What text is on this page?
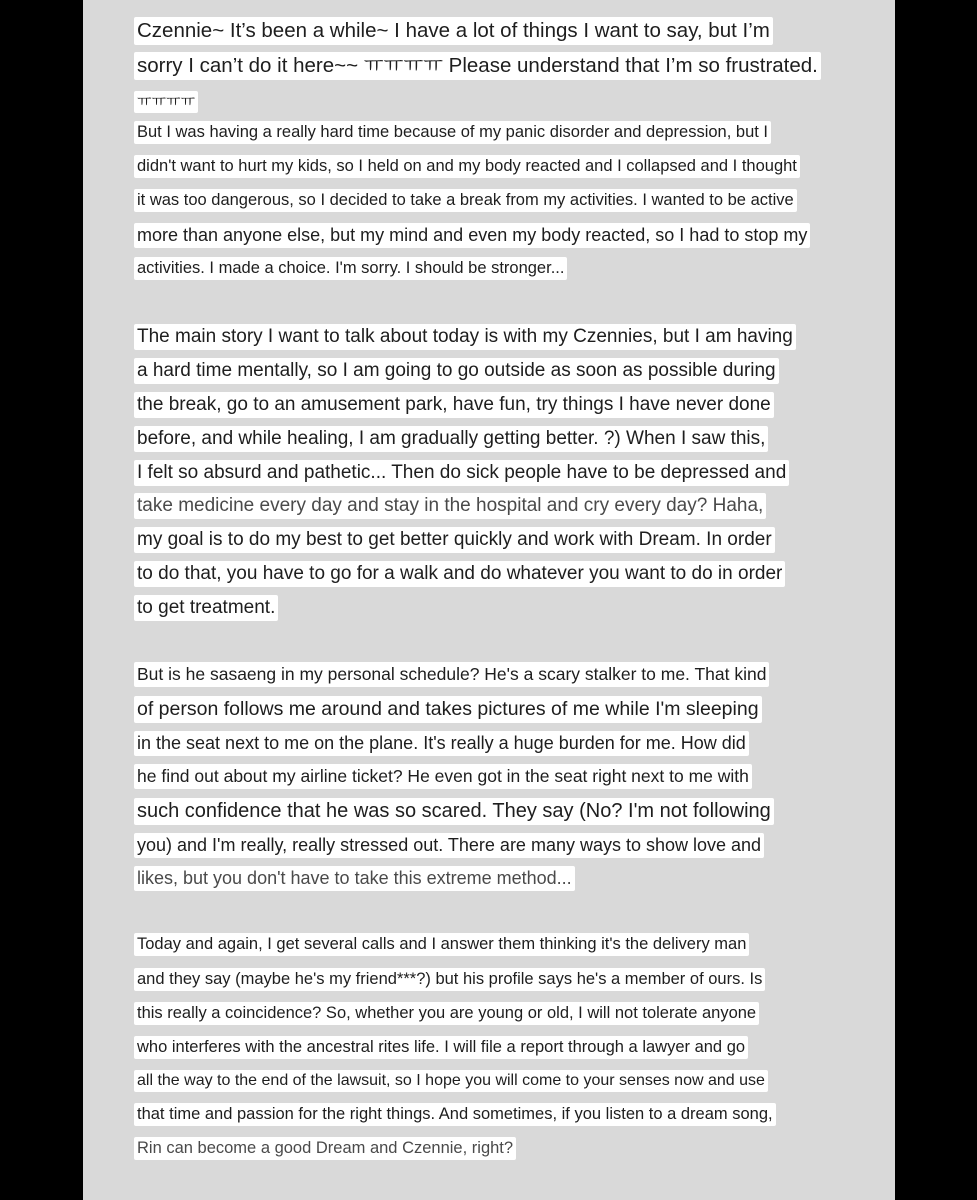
Czennie~ It’s been a while~ I have a lot of things I want to say, but I’m
sorry I can’t do it here~~ ㅠㅠㅠㅠ Please understand that I’m so frustrated.
ㅠㅠㅠㅠ
But I was having a really hard time because of my panic disorder and depression, but I
didn't want to hurt my kids, so I held on and my body reacted and I collapsed and I thought
it was too dangerous, so I decided to take a break from my activities. I wanted to be active
more than anyone else, but my mind and even my body reacted, so I had to stop my
activities. I made a choice. I'm sorry. I should be stronger...
The main story I want to talk about today is with my Czennies, but I am having
a hard time mentally, so I am going to go outside as soon as possible during
the break, go to an amusement park, have fun, try things I have never done
before, and while healing, I am gradually getting better. ?) When I saw this,
I felt so absurd and pathetic... Then do sick people have to be depressed and
take medicine every day and stay in the hospital and cry every day? Haha,
my goal is to do my best to get better quickly and work with Dream. In order
to do that, you have to go for a walk and do whatever you want to do in order
to get treatment.
But is he sasaeng in my personal schedule? He's a scary stalker to me. That kind
of person follows me around and takes pictures of me while I'm sleeping
in the seat next to me on the plane. It's really a huge burden for me. How did
he find out about my airline ticket? He even got in the seat right next to me with
such confidence that he was so scared. They say (No? I'm not following
you) and I'm really, really stressed out. There are many ways to show love and
likes, but you don't have to take this extreme method...
Today and again, I get several calls and I answer them thinking it's the delivery man
and they say (maybe he's my friend***?) but his profile says he's a member of ours. Is
this really a coincidence? So, whether you are young or old, I will not tolerate anyone
who interferes with the ancestral rites life. I will file a report through a lawyer and go
all the way to the end of the lawsuit, so I hope you will come to your senses now and use
that time and passion for the right things. And sometimes, if you listen to a dream song,
Rin can become a good Dream and Czennie, right?
